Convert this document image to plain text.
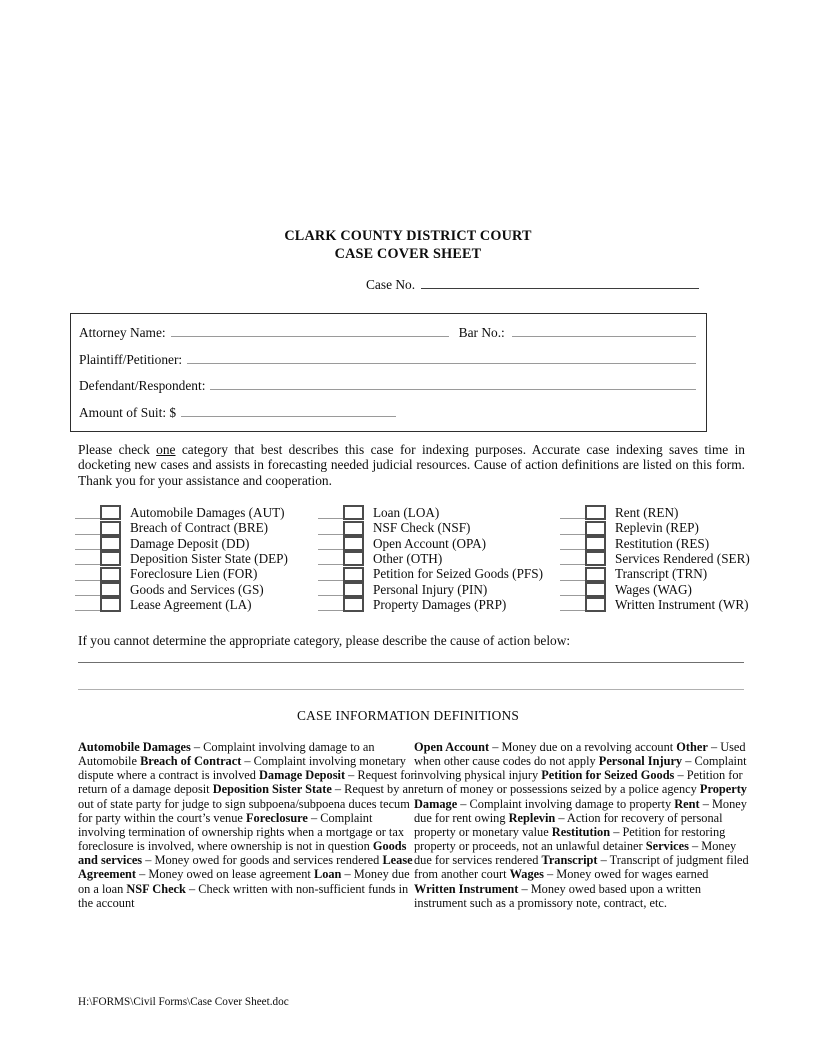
CLARK COUNTY DISTRICT COURT
CASE COVER SHEET
Case No.
Attorney Name:	Bar No.:
Plaintiff/Petitioner:
Defendant/Respondent:
Amount of Suit: $

Please check one category that best describes this case for indexing purposes. Accurate case indexing saves time in docketing new cases and assists in forecasting needed judicial resources. Cause of action definitions are listed on this form. Thank you for your assistance and cooperation.

Automobile Damages (AUT)
Breach of Contract (BRE)
Damage Deposit (DD)
Deposition Sister State (DEP)
Foreclosure Lien (FOR)
Goods and Services (GS)
Lease Agreement (LA)
Loan (LOA)
NSF Check (NSF)
Open Account (OPA)
Other (OTH)
Petition for Seized Goods (PFS)
Personal Injury (PIN)
Property Damages (PRP)
Rent (REN)
Replevin (REP)
Restitution (RES)
Services Rendered (SER)
Transcript (TRN)
Wages (WAG)
Written Instrument (WR)
If you cannot determine the appropriate category, please describe the cause of action below:
CASE INFORMATION DEFINITIONS
Automobile Damages – Complaint involving damage to an Automobile Breach of Contract – Complaint involving monetary dispute where a contract is involved Damage Deposit – Request for return of a damage deposit Deposition Sister State – Request by an out of state party for judge to sign subpoena/subpoena duces tecum for party within the court’s venue Foreclosure – Complaint involving termination of ownership rights when a mortgage or tax foreclosure is involved, where ownership is not in question Goods and services – Money owed for goods and services rendered Lease Agreement – Money owed on lease agreement Loan – Money due on a loan NSF Check – Check written with non-sufficient funds in the account
Open Account – Money due on a revolving account Other – Used when other cause codes do not apply Personal Injury – Complaint involving physical injury Petition for Seized Goods – Petition for return of money or possessions seized by a police agency Property Damage – Complaint involving damage to property Rent – Money due for rent owing Replevin – Action for recovery of personal property or monetary value Restitution – Petition for restoring property or proceeds, not an unlawful detainer Services – Money due for services rendered Transcript – Transcript of judgment filed from another court Wages – Money owed for wages earned Written Instrument – Money owed based upon a written instrument such as a promissory note, contract, etc.
H:\FORMS\Civil Forms\Case Cover Sheet.doc
